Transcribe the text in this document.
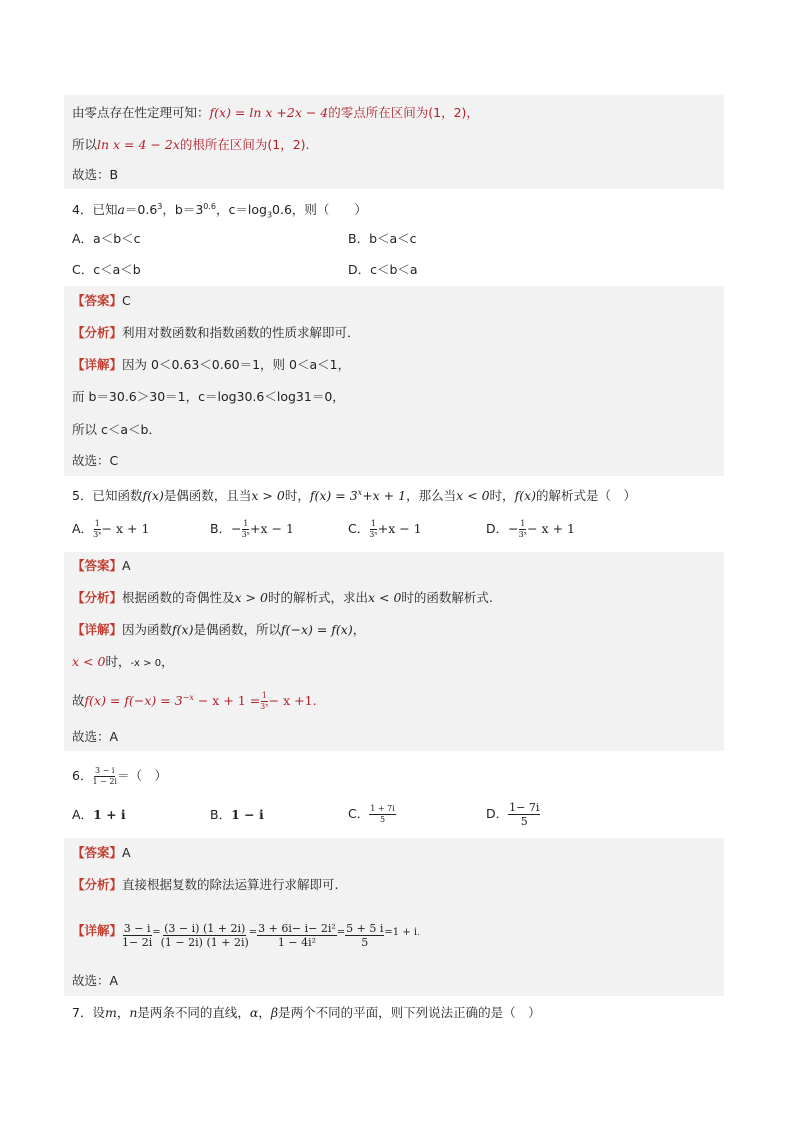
由零点存在性定理可知：f(x) = ln x +2x − 4的零点所在区间为(1，2)，
所以ln x = 4 − 2x的根所在区间为(1，2).
故选：B
4．已知$a=0.6^3$，$b=3^{0.6}$，$c=\log_30.6$，则（　　）
A．a＜b＜c	B．b＜a＜c
C．c＜a＜b	D．c＜b＜a
【答案】C
【分析】利用对数函数和指数函数的性质求解即可．
【详解】因为 0＜0.63＜0.60＝1，则 0＜a＜1，
而 b＝30.6＞30＝1，c＝log30.6＜log31＝0，
所以 c＜a＜b．
故选：C
5．已知函数f(x)是偶函数，且当x > 0时，$f(x) = 3^x+x + 1$，那么当x < 0时，f(x)的解析式是（　）
A． $\frac{1}{\text{3ˣ}} - x + 1$	B．− $\frac{1}{\text{3ˣ}} +x - 1$	C． $\frac{1}{\text{3ˣ}} +x - 1$	D．− $\frac{1}{\text{3ˣ}} - x + 1$
【答案】A
【分析】根据函数的奇偶性及x > 0时的解析式，求出x < 0时的函数解析式.
【详解】因为函数f(x)是偶函数，所以f(−x) = f(x)，
x < 0时，-x > 0，
故$f(x) = f(-x) = 3^{-x} - x + 1 = \frac{1}{\text{3ˣ}} - x +1$.
故选：A
6． $\frac{3 - i}{1 - 2i}$ ＝（　）
A．1 + i	B．1 − i	C． $\frac{1 + 7i}{5}$	D． $\frac{1- 7i}{5}$
【答案】A
【分析】直接根据复数的除法运算进行求解即可.
【详解】 $\frac{3 - i}{1- 2i} = \frac{(3 - i) (1 + 2i)}{(1 - 2i) (1 + 2i)} = \frac{\text{3 + 6i− i− 2i²}}{\text{1 − 4i²}} = \frac{5 + 5 i}{5} =1 + i$.
故选：A
7．设m，n是两条不同的直线，α，β是两个不同的平面，则下列说法正确的是（　）
